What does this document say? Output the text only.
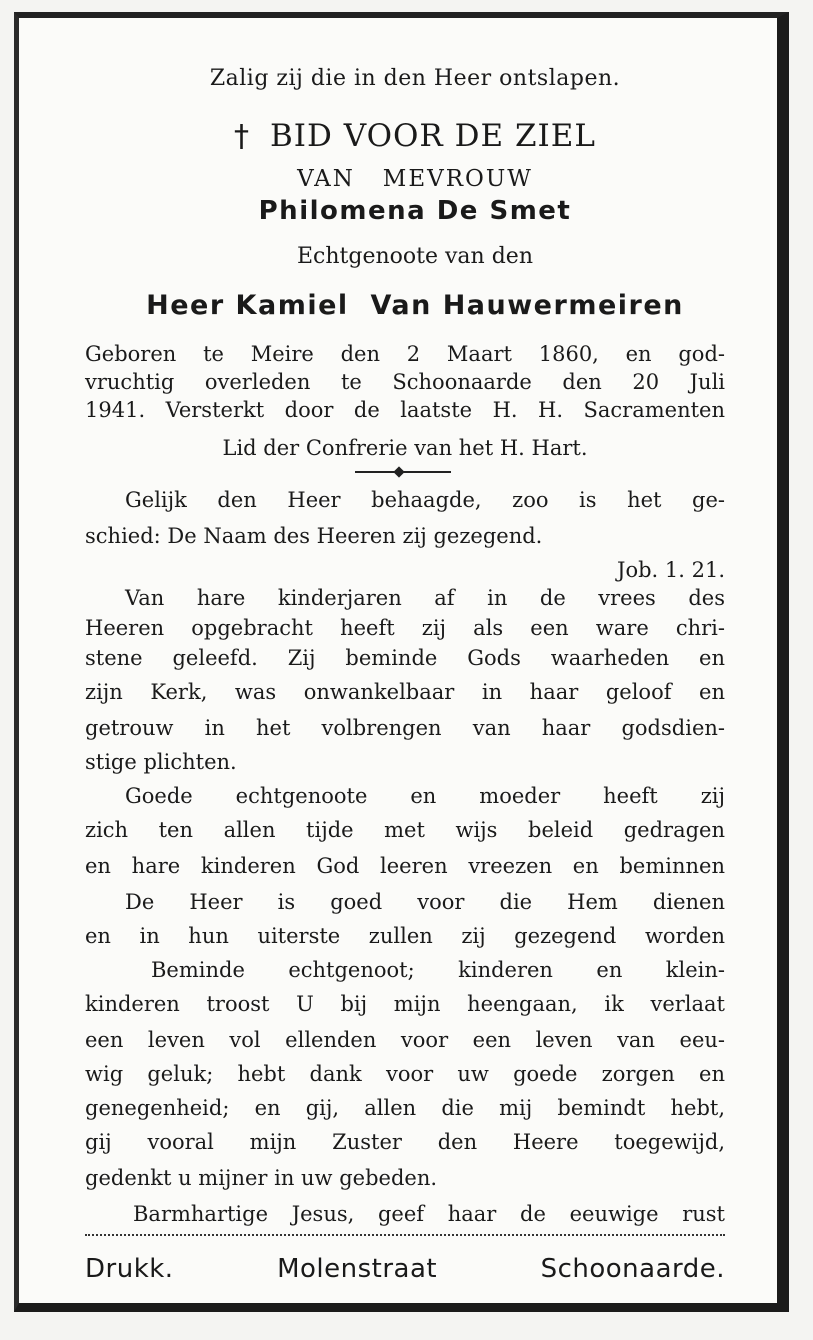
Zalig zij die in den Heer ontslapen.
† BID VOOR DE ZIEL
VAN   MEVROUW
Philomena De Smet
Echtgenoote van den
Heer Kamiel  Van Hauwermeiren
Geboren te Meire den 2 Maart 1860, en god-
vruchtig overleden te Schoonaarde den 20 Juli
1941. Versterkt door de laatste H. H. Sacramenten
Lid der Confrerie van het H. Hart.
Gelijk den Heer behaagde, zoo is het ge-
schied: De Naam des Heeren zij gezegend.
Job. 1. 21.
Van hare kinderjaren af in de vrees des
Heeren opgebracht heeft zij als een ware chri-
stene geleefd. Zij beminde Gods waarheden en
zijn Kerk, was onwankelbaar in haar geloof en
getrouw in het volbrengen van haar godsdien-
stige plichten.
Goede echtgenoote en moeder heeft zij
zich ten allen tijde met wijs beleid gedragen
en hare kinderen God leeren vreezen en beminnen
De Heer is goed voor die Hem dienen
en in hun uiterste zullen zij gezegend worden
Beminde echtgenoot; kinderen en klein-
kinderen troost U bij mijn heengaan, ik verlaat
een leven vol ellenden voor een leven van eeu-
wig geluk; hebt dank voor uw goede zorgen en
genegenheid; en gij, allen die mij bemindt hebt,
gij vooral mijn Zuster den Heere toegewijd,
gedenkt u mijner in uw gebeden.
Barmhartige Jesus, geef haar de eeuwige rust
Drukk.	Molenstraat	Schoonaarde.
